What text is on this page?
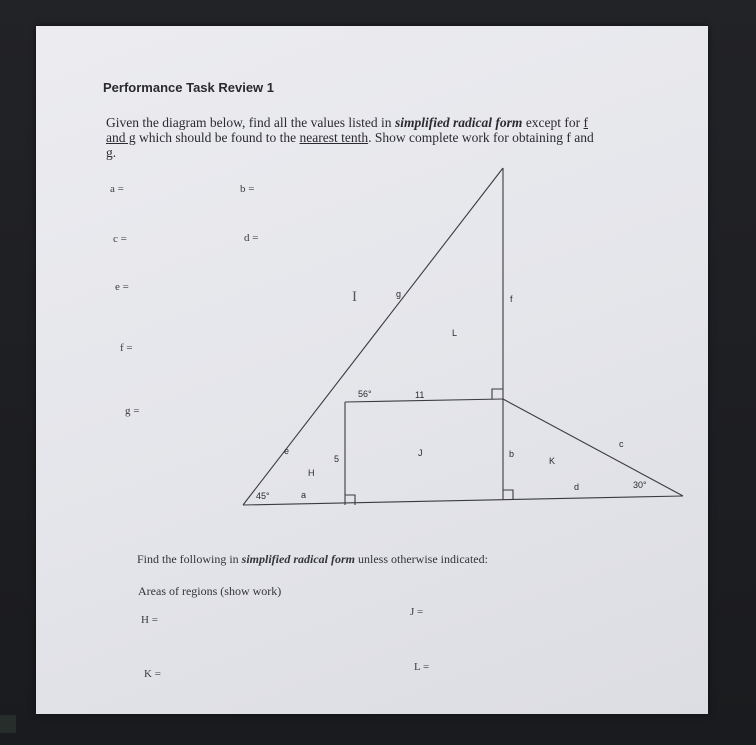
Performance Task Review 1
Given the diagram below, find all the values listed in simplified radical form except for f and g which should be found to the nearest tenth. Show complete work for obtaining f and g.
a =	b =
c =	d =
e =
f =
g =
e
H
a
5
45°
56°	11
J	b
g	f
L
K
d
c
30°
I
Find the following in simplified radical form unless otherwise indicated:
Areas of regions (show work)
H =
J =
K =
L =
